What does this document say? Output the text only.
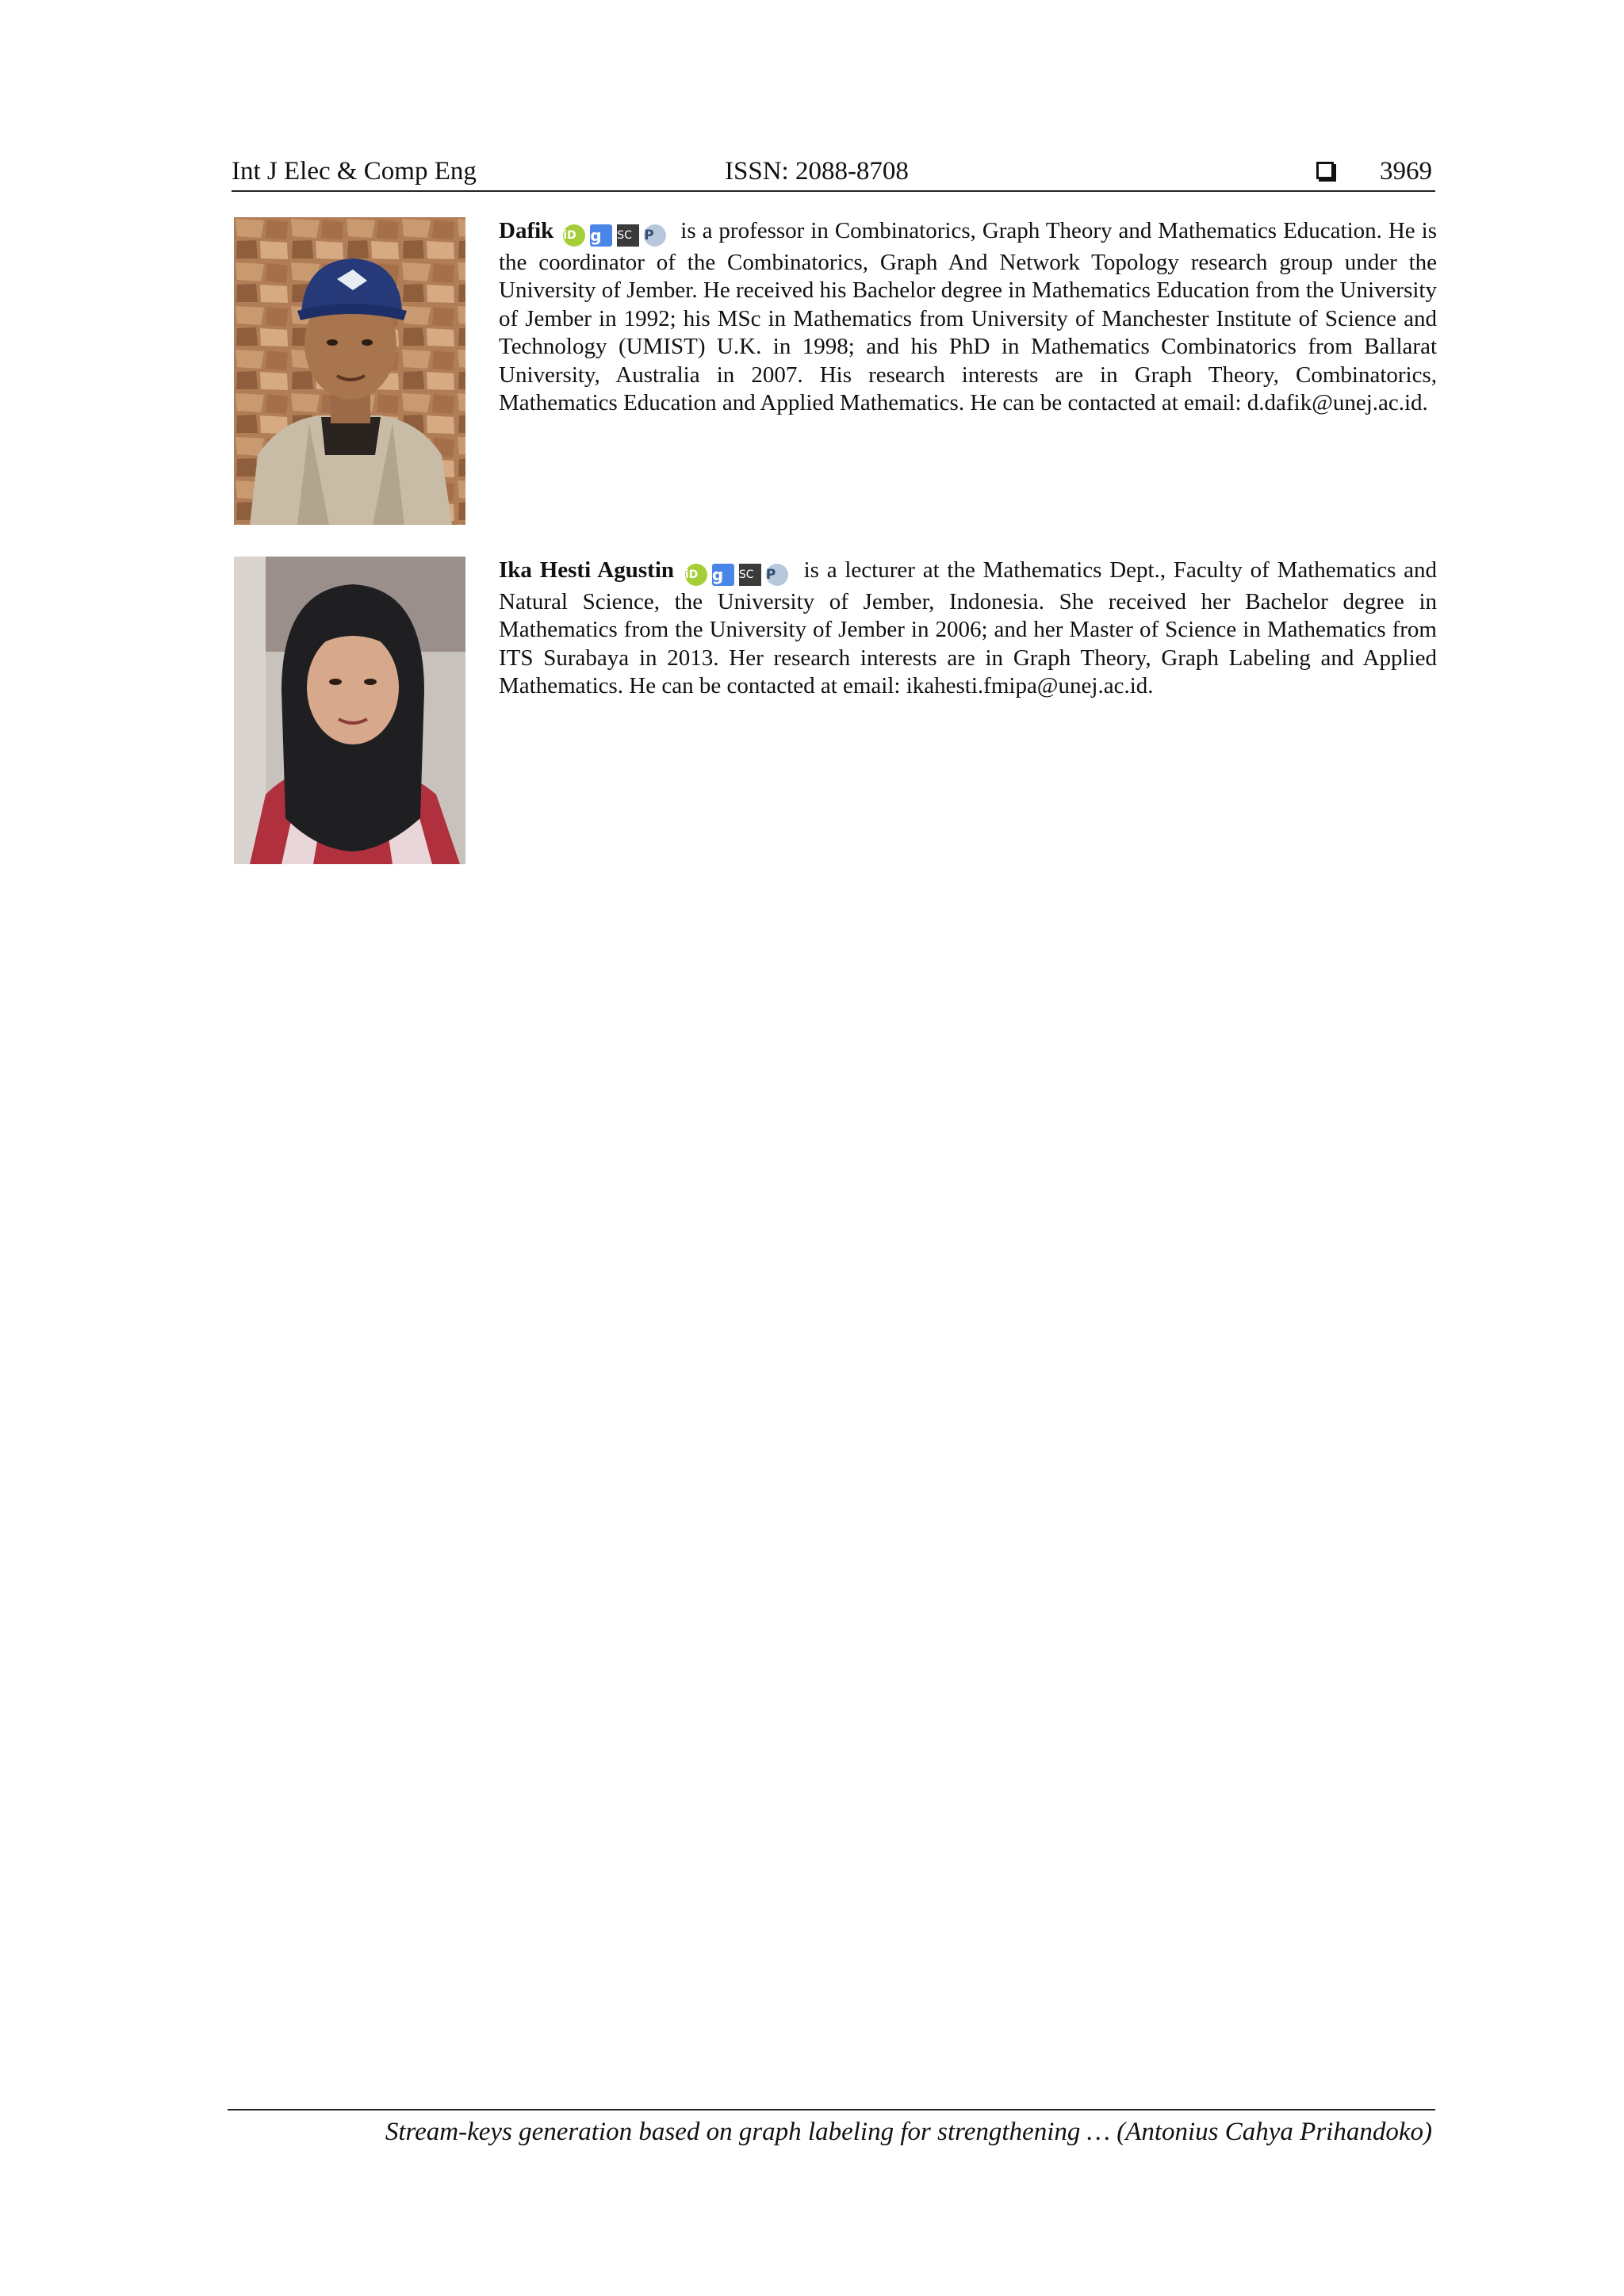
Int J Elec & Comp Eng	ISSN: 2088-8708	3969
Dafik iD g SC P is a professor in Combinatorics, Graph Theory and Mathematics Education. He is the coordinator of the Combinatorics, Graph And Network Topology research group under the University of Jember. He received his Bachelor degree in Mathematics Education from the University of Jember in 1992; his MSc in Mathematics from University of Manchester Institute of Science and Technology (UMIST) U.K. in 1998; and his PhD in Mathematics Combinatorics from Ballarat University, Australia in 2007. His research interests are in Graph Theory, Combinatorics, Mathematics Education and Applied Mathematics. He can be contacted at email: d.dafik@unej.ac.id.
Ika Hesti Agustin iD g SC P is a lecturer at the Mathematics Dept., Faculty of Mathematics and Natural Science, the University of Jember, Indonesia. She received her Bachelor degree in Mathematics from the University of Jember in 2006; and her Master of Science in Mathematics from ITS Surabaya in 2013. Her research interests are in Graph Theory, Graph Labeling and Applied Mathematics. He can be contacted at email: ikahesti.fmipa@unej.ac.id.
Stream-keys generation based on graph labeling for strengthening … (Antonius Cahya Prihandoko)
